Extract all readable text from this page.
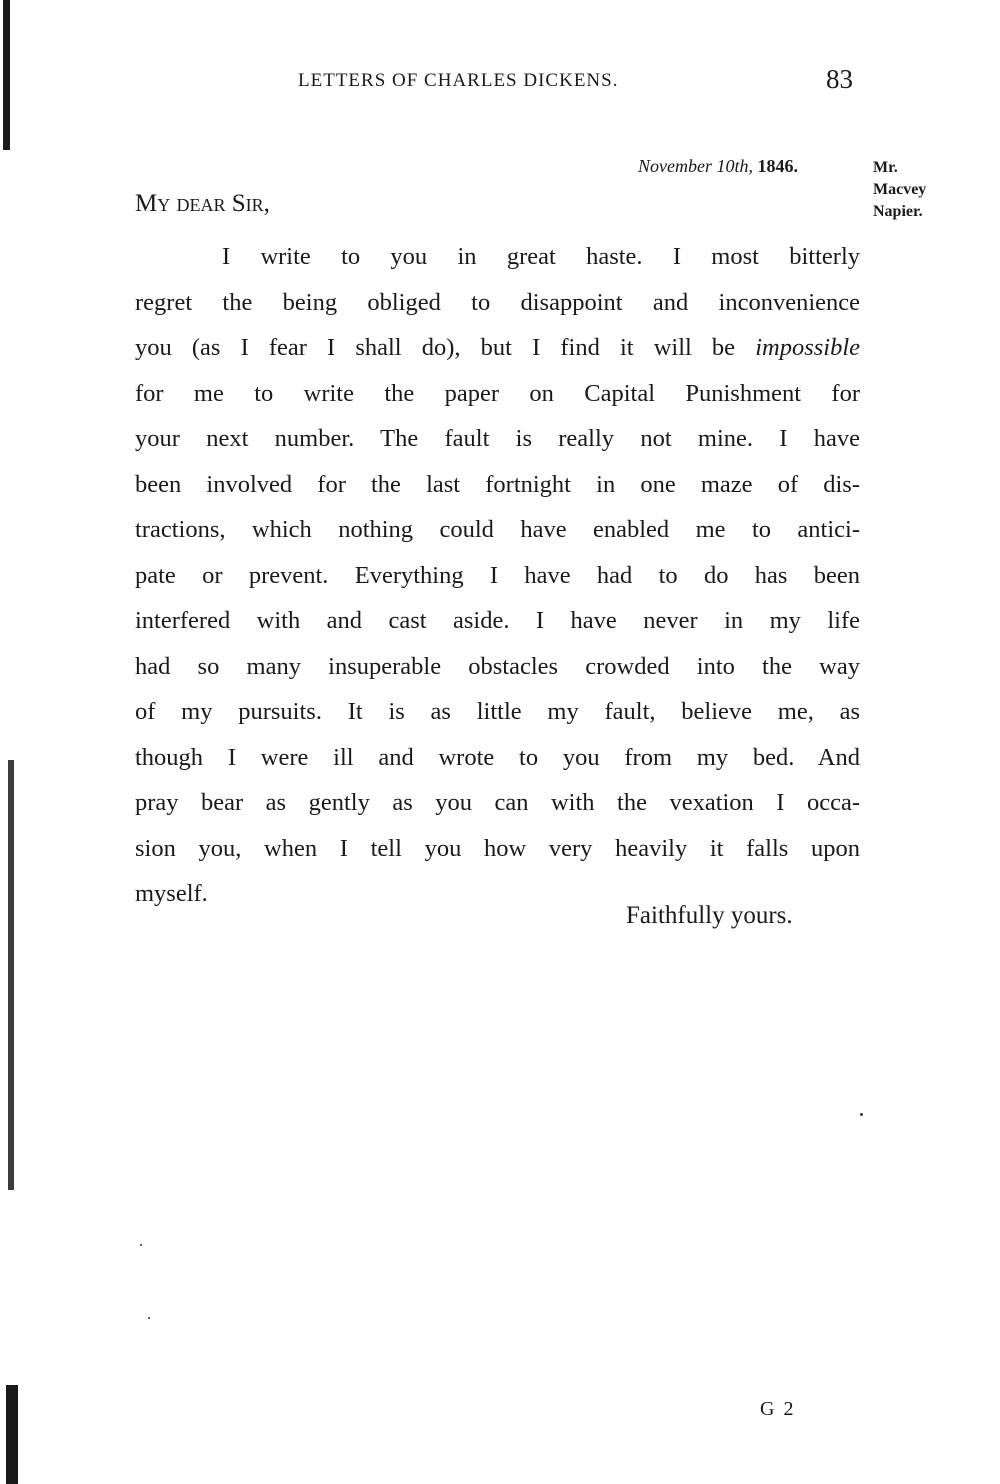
LETTERS OF CHARLES DICKENS.	83
November 10th, 1846.	Mr.
Macvey
Napier.
My dear Sir,
I write to you in great haste. I most bitterly
regret the being obliged to disappoint and inconvenience
you (as I fear I shall do), but I find it will be impossible
for me to write the paper on Capital Punishment for
your next number. The fault is really not mine. I have
been involved for the last fortnight in one maze of dis-
tractions, which nothing could have enabled me to antici-
pate or prevent. Everything I have had to do has been
interfered with and cast aside. I have never in my life
had so many insuperable obstacles crowded into the way
of my pursuits. It is as little my fault, believe me, as
though I were ill and wrote to you from my bed. And
pray bear as gently as you can with the vexation I occa-
sion you, when I tell you how very heavily it falls upon
myself.
Faithfully yours.
G 2
